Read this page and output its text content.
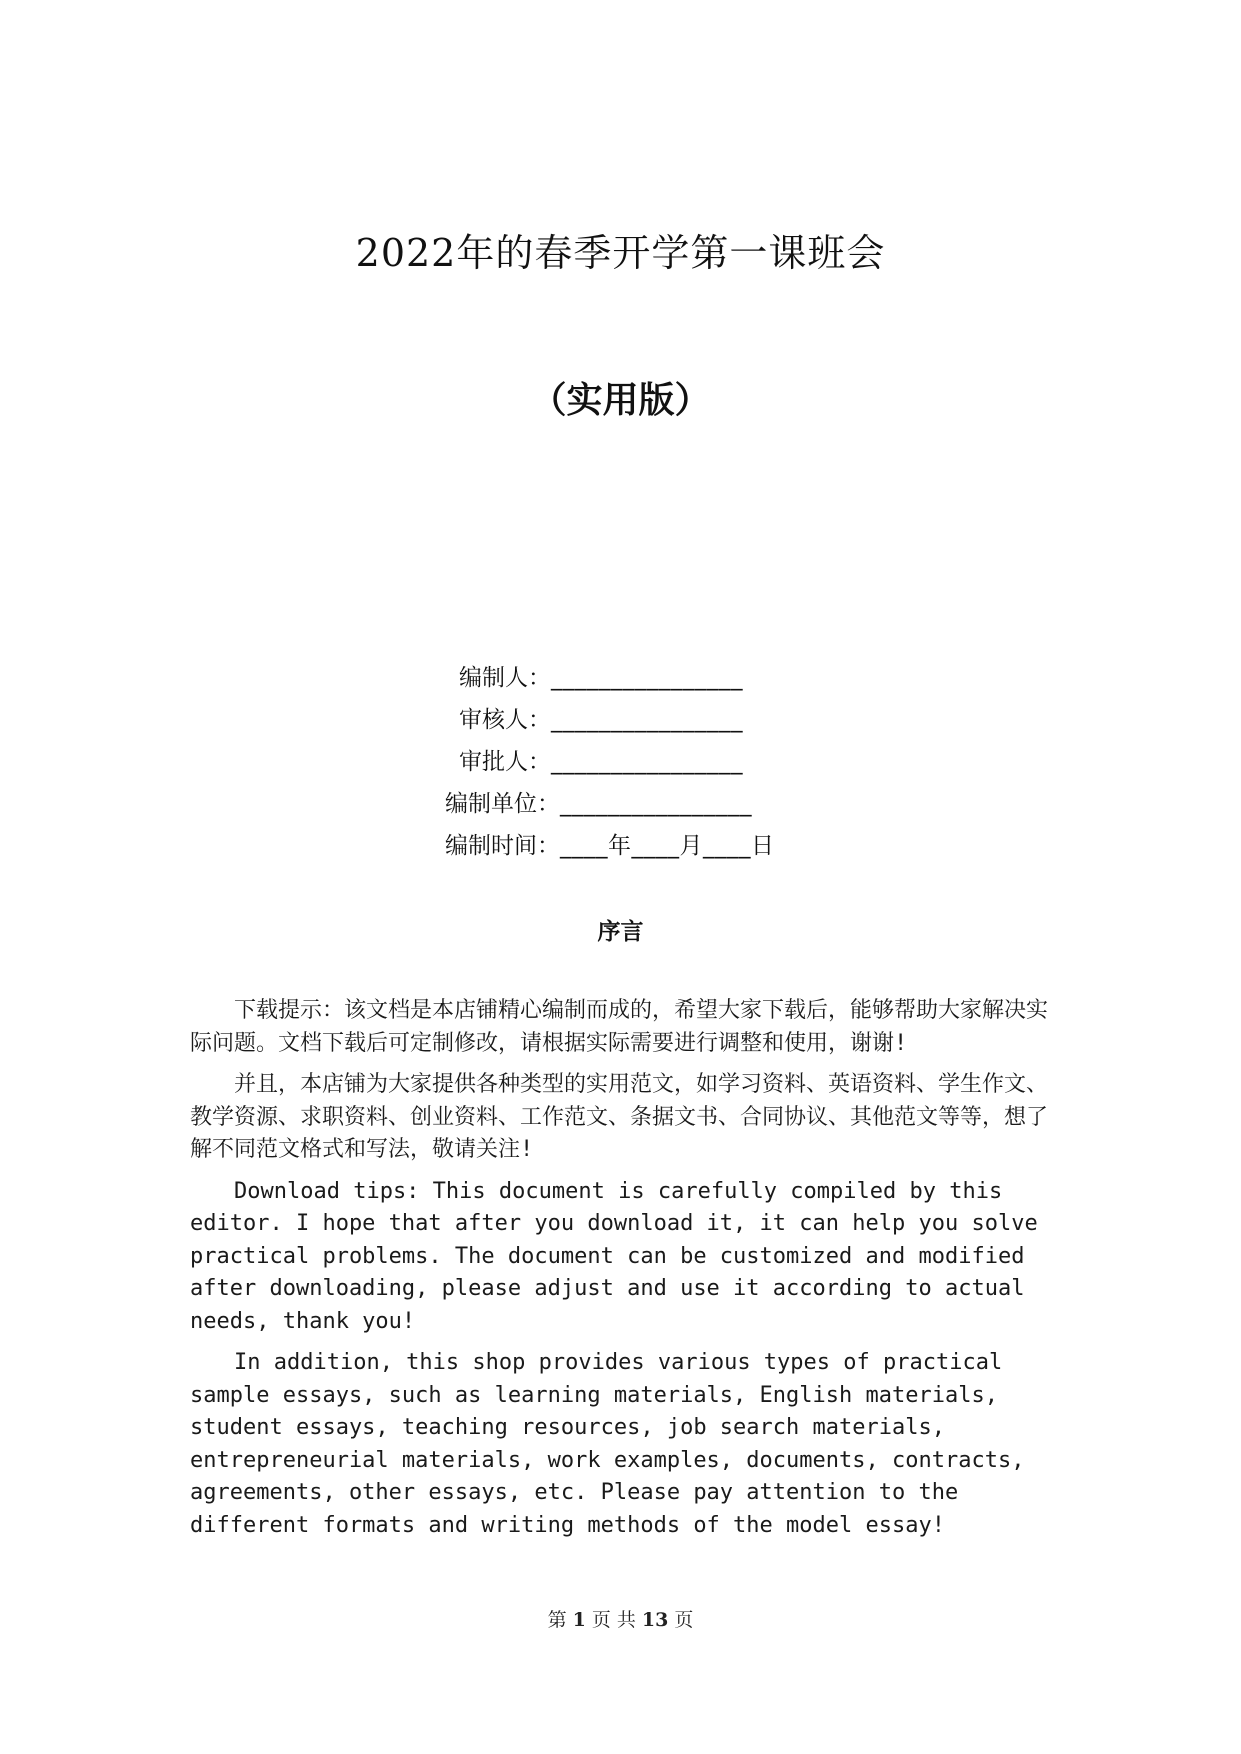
2022年的春季开学第一课班会
（实用版）
编制人：________________
审核人：________________
审批人：________________
编制单位：________________
编制时间：____年____月____日
序言

下载提示：该文档是本店铺精心编制而成的，希望大家下载后，能够帮助大家解决实际问题。文档下载后可定制修改，请根据实际需要进行调整和使用，谢谢!

并且，本店铺为大家提供各种类型的实用范文，如学习资料、英语资料、学生作文、教学资源、求职资料、创业资料、工作范文、条据文书、合同协议、其他范文等等，想了解不同范文格式和写法，敬请关注!

Download tips: This document is carefully compiled by this editor. I hope that after you download it, it can help you solve practical problems. The document can be customized and modified after downloading, please adjust and use it according to actual needs, thank you!

In addition, this shop provides various types of practical sample essays, such as learning materials, English materials, student essays, teaching resources, job search materials, entrepreneurial materials, work examples, documents, contracts, agreements, other essays, etc. Please pay attention to the different formats and writing methods of the model essay!

第 1 页 共 13 页
